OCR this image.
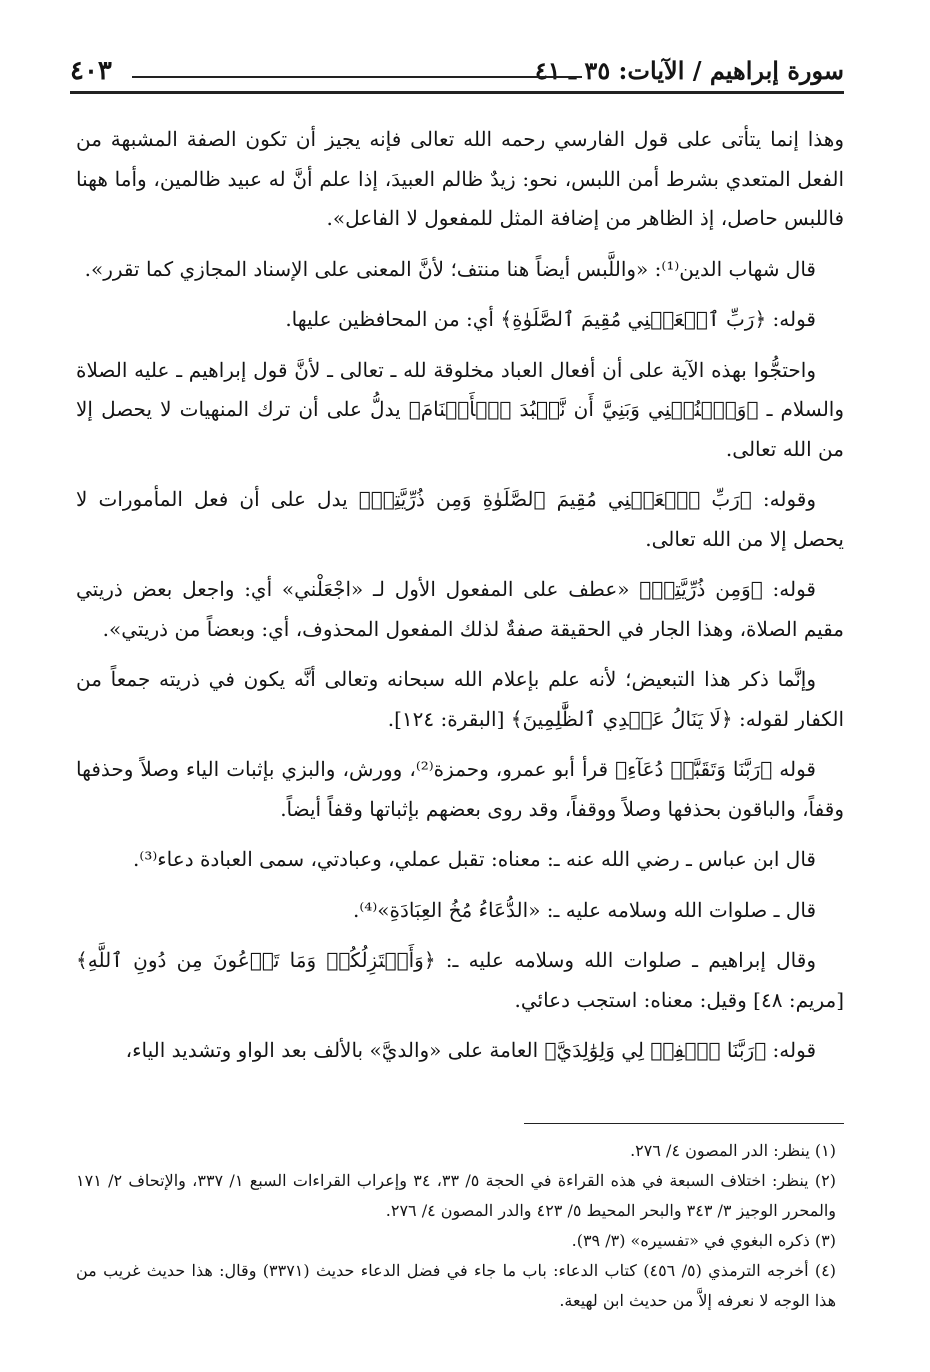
سورة إبراهيم / الآيات: ٣٥ ـ ٤١
٤٠٣

وهذا إنما يتأتى على قول الفارسي رحمه الله تعالى فإنه يجيز أن تكون الصفة المشبهة من الفعل المتعدي بشرط أمن اللبس، نحو: زيدٌ ظالم العبيدَ، إذا علم أنَّ له عبيد ظالمين، وأما ههنا فاللبس حاصل، إذ الظاهر من إضافة المثل للمفعول لا الفاعل».

قال شهاب الدين⁽¹⁾: «واللَّبس أيضاً هنا منتف؛ لأنَّ المعنى على الإسناد المجازي كما تقرر».

قوله: ﴿رَبِّ ٱجۡعَلۡنِي مُقِيمَ ٱلصَّلَوٰةِ﴾ أي: من المحافظين عليها.

واحتجُّوا بهذه الآية على أن أفعال العباد مخلوقة لله ـ تعالى ـ لأنَّ قول إبراهيم ـ عليه الصلاة والسلام ـ ﴿وَٱجۡنُبۡنِي وَبَنِيَّ أَن نَّعۡبُدَ ٱلۡأَصۡنَامَ﴾ يدلُّ على أن ترك المنهيات لا يحصل إلا من الله تعالى.

وقوله: ﴿رَبِّ ٱجۡعَلۡنِي مُقِيمَ ٱلصَّلَوٰةِ وَمِن ذُرِّيَّتِيۚ﴾ يدل على أن فعل المأمورات لا يحصل إلا من الله تعالى.

قوله: ﴿وَمِن ذُرِّيَّتِيۚ﴾ «عطف على المفعول الأول لـ «اجْعَلْني» أي: واجعل بعض ذريتي مقيم الصلاة، وهذا الجار في الحقيقة صفةٌ لذلك المفعول المحذوف، أي: وبعضاً من ذريتي».

وإنَّما ذكر هذا التبعيض؛ لأنه علم بإعلام الله سبحانه وتعالى أنَّه يكون في ذريته جمعاً من الكفار لقوله: ﴿لَا يَنَالُ عَهۡدِي ٱلظَّٰلِمِينَ﴾ [البقرة: ١٢٤].

قوله ﴿رَبَّنَا وَتَقَبَّلۡ دُعَآءِ﴾ قرأ أبو عمرو، وحمزة⁽²⁾، وورش، والبزي بإثبات الياء وصلاً وحذفها وقفاً، والباقون بحذفها وصلاً ووقفاً، وقد روى بعضهم بإثباتها وقفاً أيضاً.

قال ابن عباس ـ رضي الله عنه ـ: معناه: تقبل عملي، وعبادتي، سمى العبادة دعاء⁽³⁾.

قال ـ صلوات الله وسلامه عليه ـ: «الدُّعَاءُ مُخُ العِبَادَةِ»⁽⁴⁾.

وقال إبراهيم ـ صلوات الله وسلامه عليه ـ: ﴿وَأَعۡتَزِلُكُمۡ وَمَا تَدۡعُونَ مِن دُونِ ٱللَّهِ﴾ [مريم: ٤٨] وقيل: معناه: استجب دعائي.

قوله: ﴿رَبَّنَا ٱغۡفِرۡ لِي وَلِوَٰلِدَيَّ﴾ العامة على «والديَّ» بالألف بعد الواو وتشديد الياء،

(١) ينظر: الدر المصون ٤/ ٢٧٦.

(٢) ينظر: اختلاف السبعة في هذه القراءة في الحجة ٥/ ٣٣، ٣٤ وإعراب القراءات السبع ١/ ٣٣٧، والإتحاف ٢/ ١٧١ والمحرر الوجيز ٣/ ٣٤٣ والبحر المحيط ٥/ ٤٢٣ والدر المصون ٤/ ٢٧٦.

(٣) ذكره البغوي في «تفسيره» (٣/ ٣٩).

(٤) أخرجه الترمذي (٥/ ٤٥٦) كتاب الدعاء: باب ما جاء في فضل الدعاء حديث (٣٣٧١) وقال: هذا حديث غريب من هذا الوجه لا نعرفه إلاَّ من حديث ابن لهيعة.
